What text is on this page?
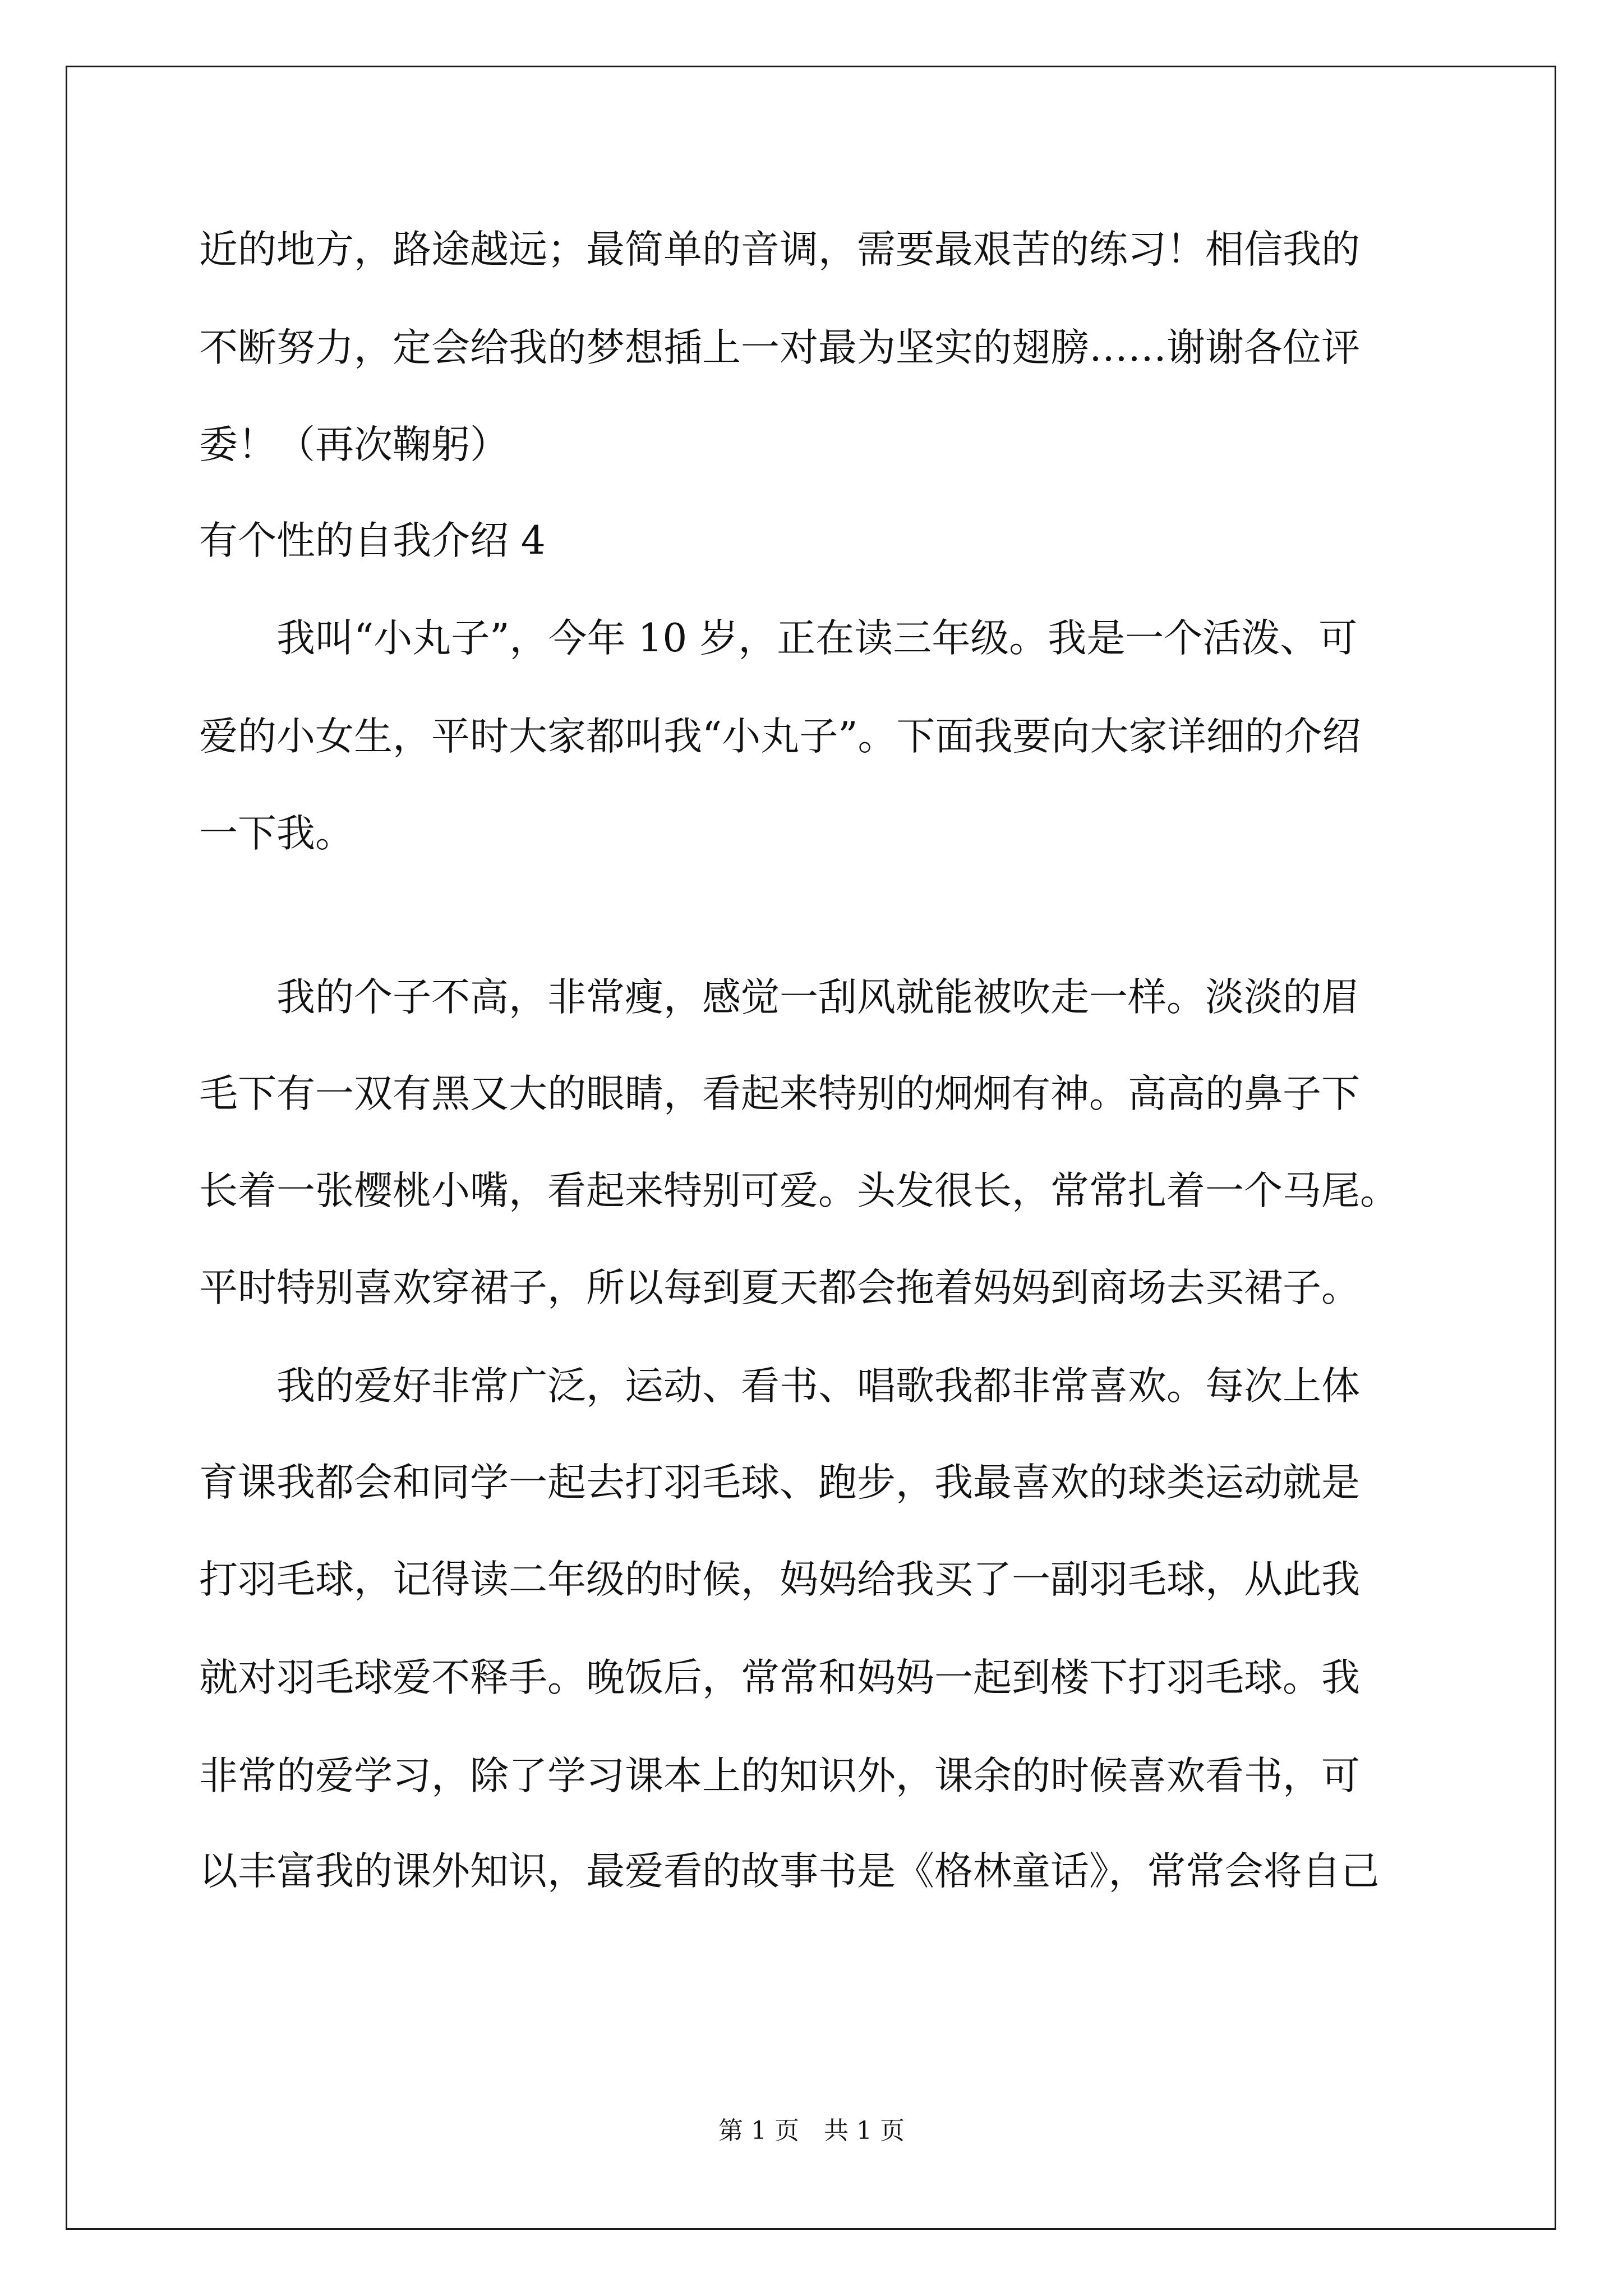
近的地方，路途越远；最简单的音调，需要最艰苦的练习！相信我的
不断努力，定会给我的梦想插上一对最为坚实的翅膀……谢谢各位评
委！（再次鞠躬）
有个性的自我介绍 4
　　我叫“小丸子”，今年 10 岁，正在读三年级。我是一个活泼、可
爱的小女生，平时大家都叫我“小丸子”。下面我要向大家详细的介绍
一下我。
　　我的个子不高，非常瘦，感觉一刮风就能被吹走一样。淡淡的眉
毛下有一双有黑又大的眼睛，看起来特别的炯炯有神。高高的鼻子下
长着一张樱桃小嘴，看起来特别可爱。头发很长，常常扎着一个马尾。
平时特别喜欢穿裙子，所以每到夏天都会拖着妈妈到商场去买裙子。
　　我的爱好非常广泛，运动、看书、唱歌我都非常喜欢。每次上体
育课我都会和同学一起去打羽毛球、跑步，我最喜欢的球类运动就是
打羽毛球，记得读二年级的时候，妈妈给我买了一副羽毛球，从此我
就对羽毛球爱不释手。晚饭后，常常和妈妈一起到楼下打羽毛球。我
非常的爱学习，除了学习课本上的知识外，课余的时候喜欢看书，可
以丰富我的课外知识，最爱看的故事书是《格林童话》，常常会将自己
第 1 页　共 1 页
